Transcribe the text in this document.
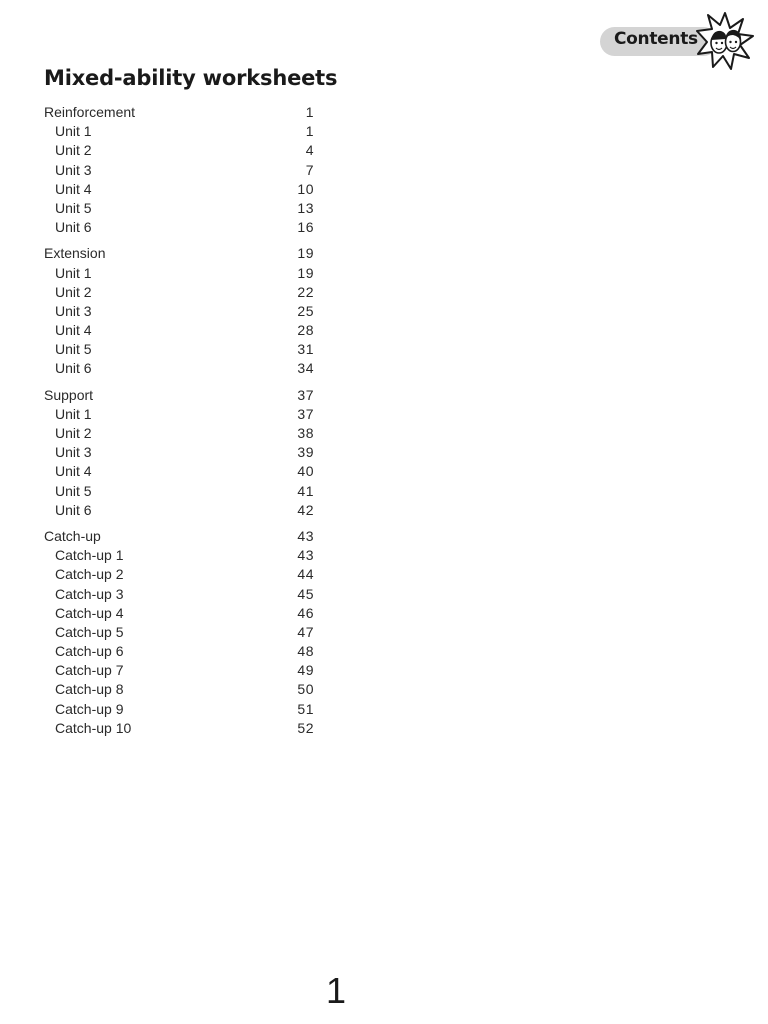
Contents
Mixed-ability worksheets
Reinforcement	1
Unit 1	1
Unit 2	4
Unit 3	7
Unit 4	10
Unit 5	13
Unit 6	16
Extension	19
Unit 1	19
Unit 2	22
Unit 3	25
Unit 4	28
Unit 5	31
Unit 6	34
Support	37
Unit 1	37
Unit 2	38
Unit 3	39
Unit 4	40
Unit 5	41
Unit 6	42
Catch-up	43
Catch-up 1	43
Catch-up 2	44
Catch-up 3	45
Catch-up 4	46
Catch-up 5	47
Catch-up 6	48
Catch-up 7	49
Catch-up 8	50
Catch-up 9	51
Catch-up 10	52
1
